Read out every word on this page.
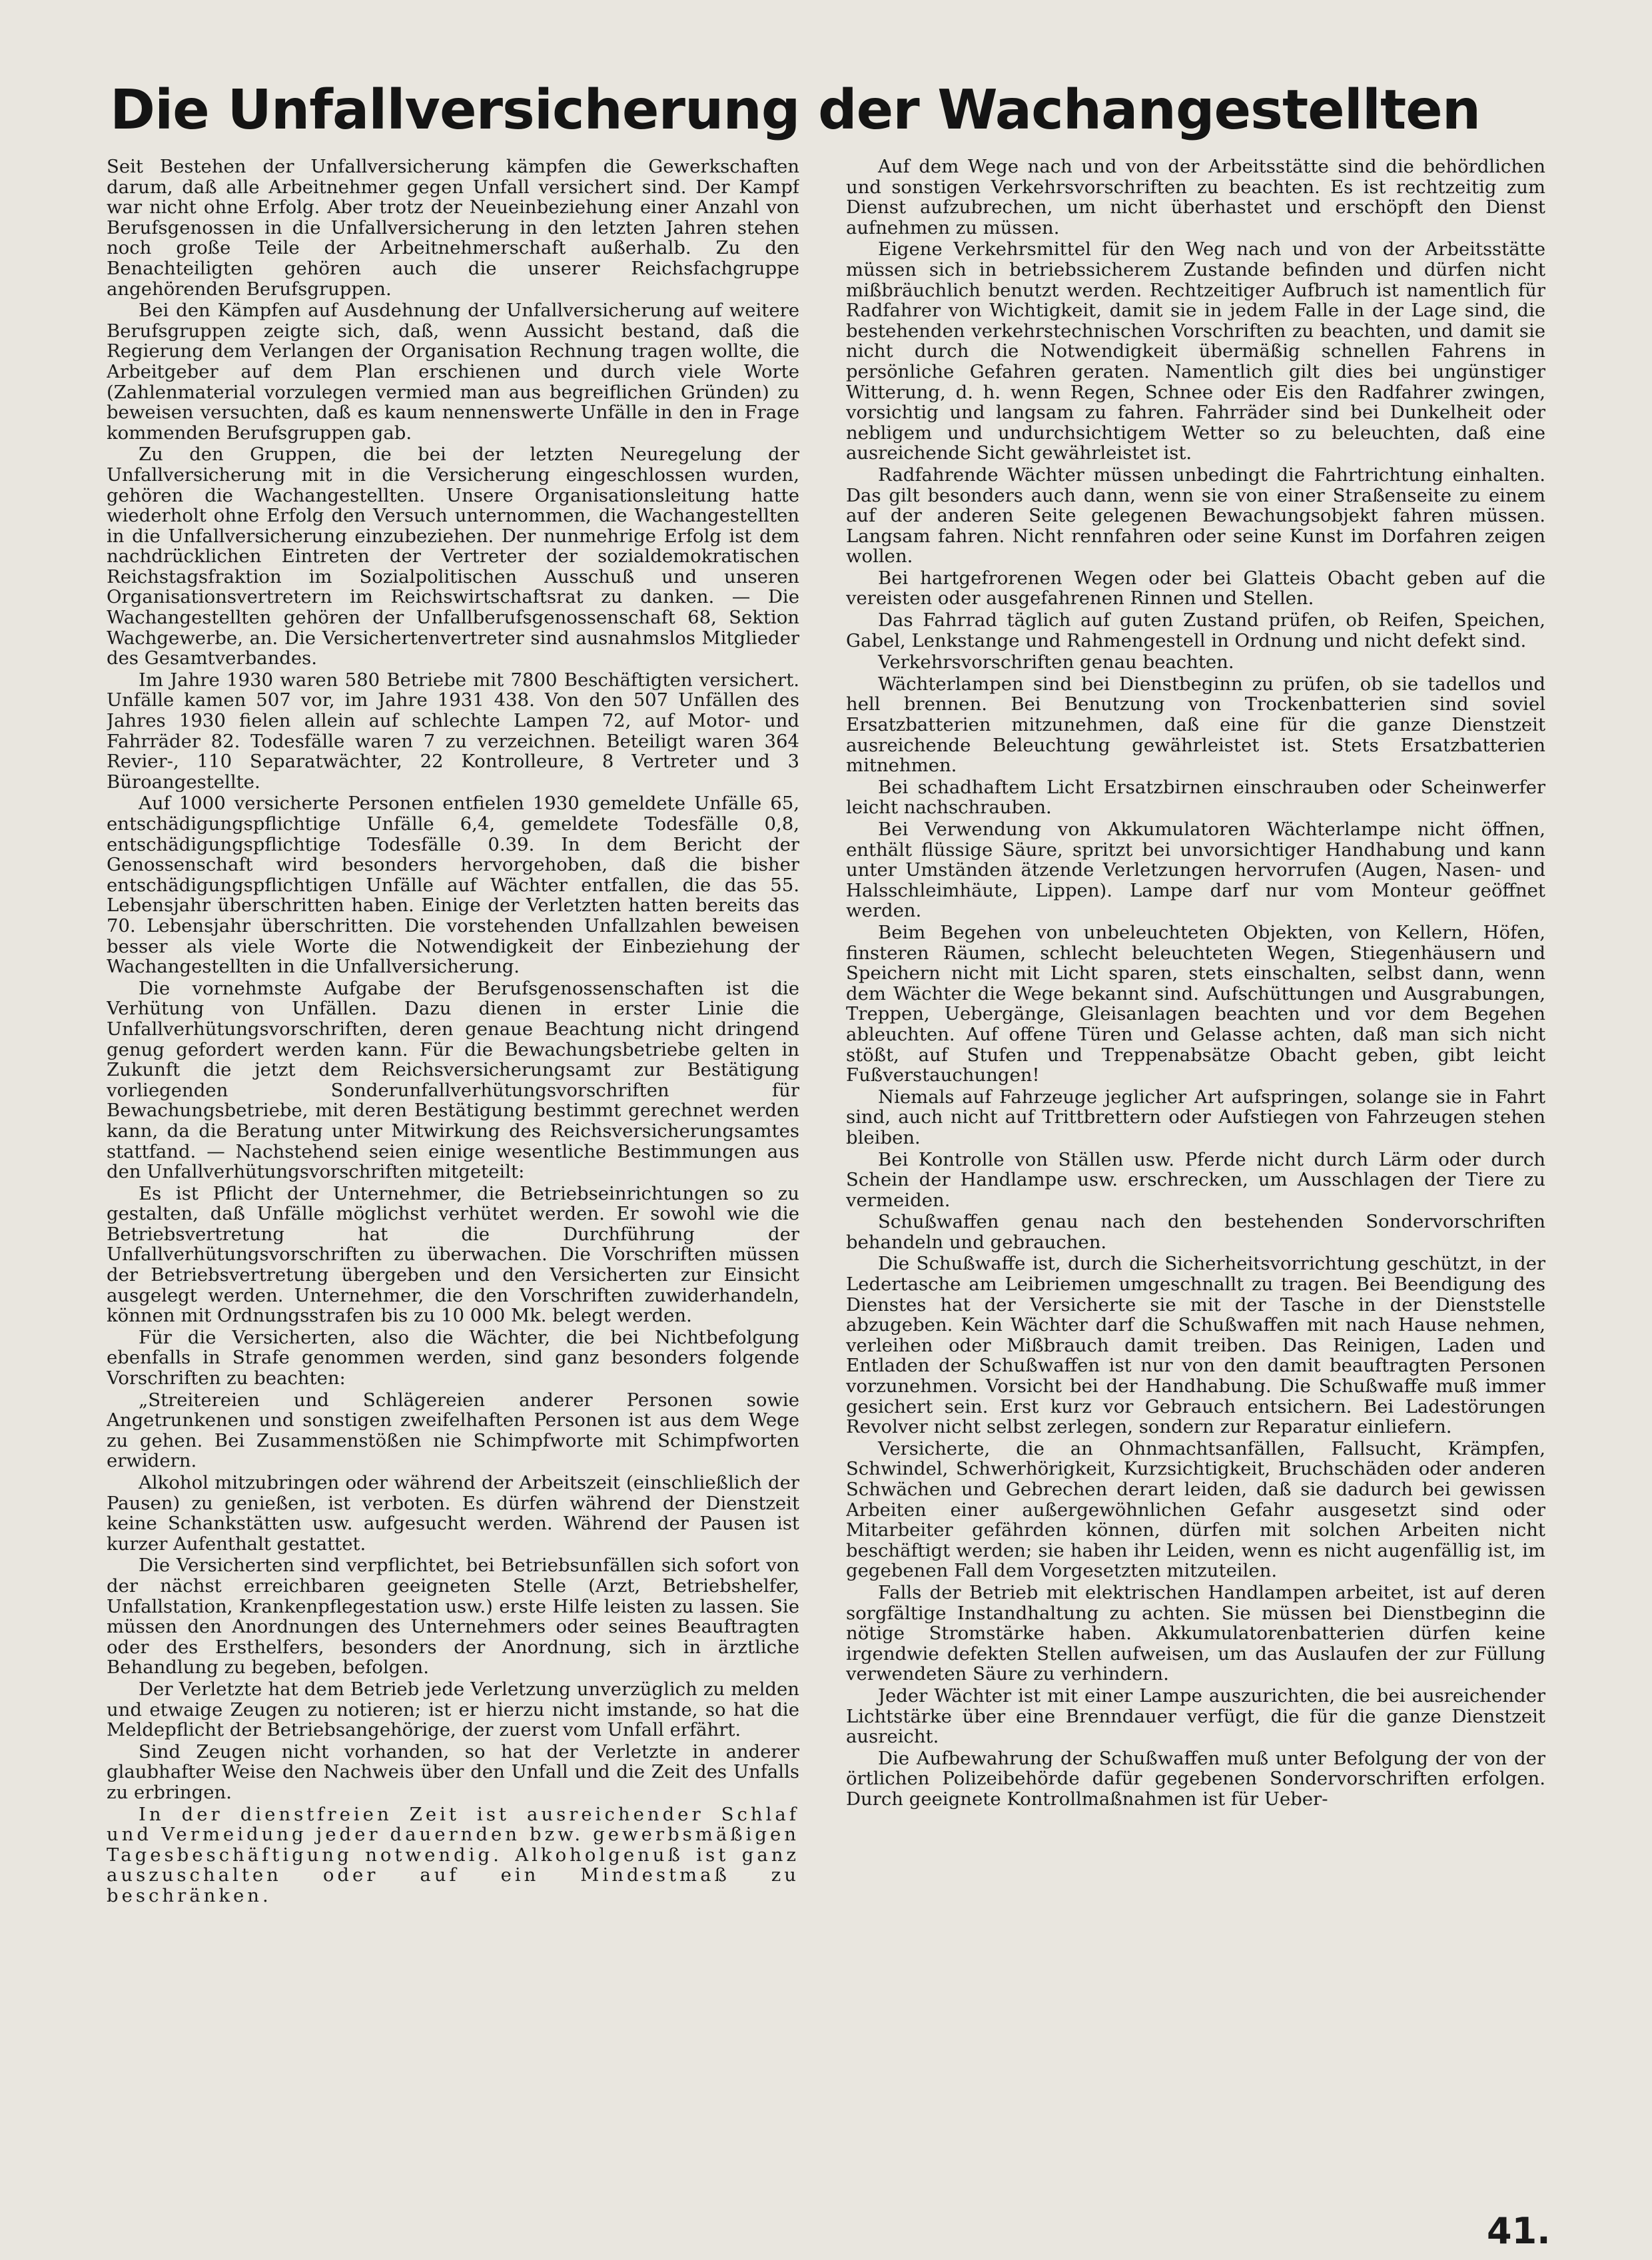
Die Unfallversicherung der Wachangestellten

Seit Bestehen der Unfallversicherung kämpfen die Gewerkschaften darum, daß alle Arbeitnehmer gegen Unfall versichert sind. Der Kampf war nicht ohne Erfolg. Aber trotz der Neueinbeziehung einer Anzahl von Berufsgenossen in die Unfallversicherung in den letzten Jahren stehen noch große Teile der Arbeitnehmerschaft außerhalb. Zu den Benachteiligten gehören auch die unserer Reichsfachgruppe angehörenden Berufsgruppen.

Bei den Kämpfen auf Ausdehnung der Unfallversicherung auf weitere Berufsgruppen zeigte sich, daß, wenn Aussicht bestand, daß die Regierung dem Verlangen der Organisation Rechnung tragen wollte, die Arbeitgeber auf dem Plan erschienen und durch viele Worte (Zahlenmaterial vorzulegen vermied man aus begreiflichen Gründen) zu beweisen versuchten, daß es kaum nennenswerte Unfälle in den in Frage kommenden Berufsgruppen gab.

Zu den Gruppen, die bei der letzten Neuregelung der Unfallversicherung mit in die Versicherung eingeschlossen wurden, gehören die Wachangestellten. Unsere Organisationsleitung hatte wiederholt ohne Erfolg den Versuch unternommen, die Wachangestellten in die Unfallversicherung einzubeziehen. Der nunmehrige Erfolg ist dem nachdrücklichen Eintreten der Vertreter der sozialdemokratischen Reichstagsfraktion im Sozialpolitischen Ausschuß und unseren Organisationsvertretern im Reichswirtschaftsrat zu danken. — Die Wachangestellten gehören der Unfallberufsgenossenschaft 68, Sektion Wachgewerbe, an. Die Versichertenvertreter sind ausnahmslos Mitglieder des Gesamtverbandes.

Im Jahre 1930 waren 580 Betriebe mit 7800 Beschäftigten versichert. Unfälle kamen 507 vor, im Jahre 1931 438. Von den 507 Unfällen des Jahres 1930 fielen allein auf schlechte Lampen 72, auf Motor- und Fahrräder 82. Todesfälle waren 7 zu verzeichnen. Beteiligt waren 364 Revier-, 110 Separatwächter, 22 Kontrolleure, 8 Vertreter und 3 Büroangestellte.

Auf 1000 versicherte Personen entfielen 1930 gemeldete Unfälle 65, entschädigungspflichtige Unfälle 6,4, gemeldete Todesfälle 0,8, entschädigungspflichtige Todesfälle 0.39. In dem Bericht der Genossenschaft wird besonders hervorgehoben, daß die bisher entschädigungspflichtigen Unfälle auf Wächter entfallen, die das 55. Lebensjahr überschritten haben. Einige der Verletzten hatten bereits das 70. Lebensjahr überschritten. Die vorstehenden Unfallzahlen beweisen besser als viele Worte die Notwendigkeit der Einbeziehung der Wachangestellten in die Unfallversicherung.

Die vornehmste Aufgabe der Berufsgenossenschaften ist die Verhütung von Unfällen. Dazu dienen in erster Linie die Unfallverhütungsvorschriften, deren genaue Beachtung nicht dringend genug gefordert werden kann. Für die Bewachungsbetriebe gelten in Zukunft die jetzt dem Reichsversicherungsamt zur Bestätigung vorliegenden Sonderunfallverhütungsvorschriften für Bewachungsbetriebe, mit deren Bestätigung bestimmt gerechnet werden kann, da die Beratung unter Mitwirkung des Reichsversicherungsamtes stattfand. — Nachstehend seien einige wesentliche Bestimmungen aus den Unfallverhütungsvorschriften mitgeteilt:

Es ist Pflicht der Unternehmer, die Betriebseinrichtungen so zu gestalten, daß Unfälle möglichst verhütet werden. Er sowohl wie die Betriebsvertretung hat die Durchführung der Unfallverhütungsvorschriften zu überwachen. Die Vorschriften müssen der Betriebsvertretung übergeben und den Versicherten zur Einsicht ausgelegt werden. Unternehmer, die den Vorschriften zuwiderhandeln, können mit Ordnungsstrafen bis zu 10 000 Mk. belegt werden.

Für die Versicherten, also die Wächter, die bei Nichtbefolgung ebenfalls in Strafe genommen werden, sind ganz besonders folgende Vorschriften zu beachten:

„Streitereien und Schlägereien anderer Personen sowie Angetrunkenen und sonstigen zweifelhaften Personen ist aus dem Wege zu gehen. Bei Zusammenstößen nie Schimpfworte mit Schimpfworten erwidern.

Alkohol mitzubringen oder während der Arbeitszeit (einschließlich der Pausen) zu genießen, ist verboten. Es dürfen während der Dienstzeit keine Schankstätten usw. aufgesucht werden. Während der Pausen ist kurzer Aufenthalt gestattet.

Die Versicherten sind verpflichtet, bei Betriebsunfällen sich sofort von der nächst erreichbaren geeigneten Stelle (Arzt, Betriebshelfer, Unfallstation, Krankenpflegestation usw.) erste Hilfe leisten zu lassen. Sie müssen den Anordnungen des Unternehmers oder seines Beauftragten oder des Ersthelfers, besonders der Anordnung, sich in ärztliche Behandlung zu begeben, befolgen.

Der Verletzte hat dem Betrieb jede Verletzung unverzüglich zu melden und etwaige Zeugen zu notieren; ist er hierzu nicht imstande, so hat die Meldepflicht der Betriebsangehörige, der zuerst vom Unfall erfährt.

Sind Zeugen nicht vorhanden, so hat der Verletzte in anderer glaubhafter Weise den Nachweis über den Unfall und die Zeit des Unfalls zu erbringen.

In der dienstfreien Zeit ist ausreichender Schlaf und Vermeidung jeder dauernden bzw. gewerbsmäßigen Tagesbeschäftigung notwendig. Alkoholgenuß ist ganz auszuschalten oder auf ein Mindestmaß zu beschränken.

Auf dem Wege nach und von der Arbeitsstätte sind die behördlichen und sonstigen Verkehrsvorschriften zu beachten. Es ist rechtzeitig zum Dienst aufzubrechen, um nicht überhastet und erschöpft den Dienst aufnehmen zu müssen.

Eigene Verkehrsmittel für den Weg nach und von der Arbeitsstätte müssen sich in betriebssicherem Zustande befinden und dürfen nicht mißbräuchlich benutzt werden. Rechtzeitiger Aufbruch ist namentlich für Radfahrer von Wichtigkeit, damit sie in jedem Falle in der Lage sind, die bestehenden verkehrstechnischen Vorschriften zu beachten, und damit sie nicht durch die Notwendigkeit übermäßig schnellen Fahrens in persönliche Gefahren geraten. Namentlich gilt dies bei ungünstiger Witterung, d. h. wenn Regen, Schnee oder Eis den Radfahrer zwingen, vorsichtig und langsam zu fahren. Fahrräder sind bei Dunkelheit oder nebligem und undurchsichtigem Wetter so zu beleuchten, daß eine ausreichende Sicht gewährleistet ist.

Radfahrende Wächter müssen unbedingt die Fahrtrichtung einhalten. Das gilt besonders auch dann, wenn sie von einer Straßenseite zu einem auf der anderen Seite gelegenen Bewachungsobjekt fahren müssen. Langsam fahren. Nicht rennfahren oder seine Kunst im Dorfahren zeigen wollen.

Bei hartgefrorenen Wegen oder bei Glatteis Obacht geben auf die vereisten oder ausgefahrenen Rinnen und Stellen.

Das Fahrrad täglich auf guten Zustand prüfen, ob Reifen, Speichen, Gabel, Lenkstange und Rahmengestell in Ordnung und nicht defekt sind.

Verkehrsvorschriften genau beachten.

Wächterlampen sind bei Dienstbeginn zu prüfen, ob sie tadellos und hell brennen. Bei Benutzung von Trockenbatterien sind soviel Ersatzbatterien mitzunehmen, daß eine für die ganze Dienstzeit ausreichende Beleuchtung gewährleistet ist. Stets Ersatzbatterien mitnehmen.

Bei schadhaftem Licht Ersatzbirnen einschrauben oder Scheinwerfer leicht nachschrauben.

Bei Verwendung von Akkumulatoren Wächterlampe nicht öffnen, enthält flüssige Säure, spritzt bei unvorsichtiger Handhabung und kann unter Umständen ätzende Verletzungen hervorrufen (Augen, Nasen- und Halsschleimhäute, Lippen). Lampe darf nur vom Monteur geöffnet werden.

Beim Begehen von unbeleuchteten Objekten, von Kellern, Höfen, finsteren Räumen, schlecht beleuchteten Wegen, Stiegenhäusern und Speichern nicht mit Licht sparen, stets einschalten, selbst dann, wenn dem Wächter die Wege bekannt sind. Aufschüttungen und Ausgrabungen, Treppen, Uebergänge, Gleisanlagen beachten und vor dem Begehen ableuchten. Auf offene Türen und Gelasse achten, daß man sich nicht stößt, auf Stufen und Treppenabsätze Obacht geben, gibt leicht Fußverstauchungen!

Niemals auf Fahrzeuge jeglicher Art aufspringen, solange sie in Fahrt sind, auch nicht auf Trittbrettern oder Aufstiegen von Fahrzeugen stehen bleiben.

Bei Kontrolle von Ställen usw. Pferde nicht durch Lärm oder durch Schein der Handlampe usw. erschrecken, um Ausschlagen der Tiere zu vermeiden.

Schußwaffen genau nach den bestehenden Sondervorschriften behandeln und gebrauchen.

Die Schußwaffe ist, durch die Sicherheitsvorrichtung geschützt, in der Ledertasche am Leibriemen umgeschnallt zu tragen. Bei Beendigung des Dienstes hat der Versicherte sie mit der Tasche in der Dienststelle abzugeben. Kein Wächter darf die Schußwaffen mit nach Hause nehmen, verleihen oder Mißbrauch damit treiben. Das Reinigen, Laden und Entladen der Schußwaffen ist nur von den damit beauftragten Personen vorzunehmen. Vorsicht bei der Handhabung. Die Schußwaffe muß immer gesichert sein. Erst kurz vor Gebrauch entsichern. Bei Ladestörungen Revolver nicht selbst zerlegen, sondern zur Reparatur einliefern.

Versicherte, die an Ohnmachtsanfällen, Fallsucht, Krämpfen, Schwindel, Schwerhörigkeit, Kurzsichtigkeit, Bruchschäden oder anderen Schwächen und Gebrechen derart leiden, daß sie dadurch bei gewissen Arbeiten einer außergewöhnlichen Gefahr ausgesetzt sind oder Mitarbeiter gefährden können, dürfen mit solchen Arbeiten nicht beschäftigt werden; sie haben ihr Leiden, wenn es nicht augenfällig ist, im gegebenen Fall dem Vorgesetzten mitzuteilen.

Falls der Betrieb mit elektrischen Handlampen arbeitet, ist auf deren sorgfältige Instandhaltung zu achten. Sie müssen bei Dienstbeginn die nötige Stromstärke haben. Akkumulatorenbatterien dürfen keine irgendwie defekten Stellen aufweisen, um das Auslaufen der zur Füllung verwendeten Säure zu verhindern.

Jeder Wächter ist mit einer Lampe auszurichten, die bei ausreichender Lichtstärke über eine Brenndauer verfügt, die für die ganze Dienstzeit ausreicht.

Die Aufbewahrung der Schußwaffen muß unter Befolgung der von der örtlichen Polizeibehörde dafür gegebenen Sondervorschriften erfolgen. Durch geeignete Kontrollmaßnahmen ist für Ueber-

41.
